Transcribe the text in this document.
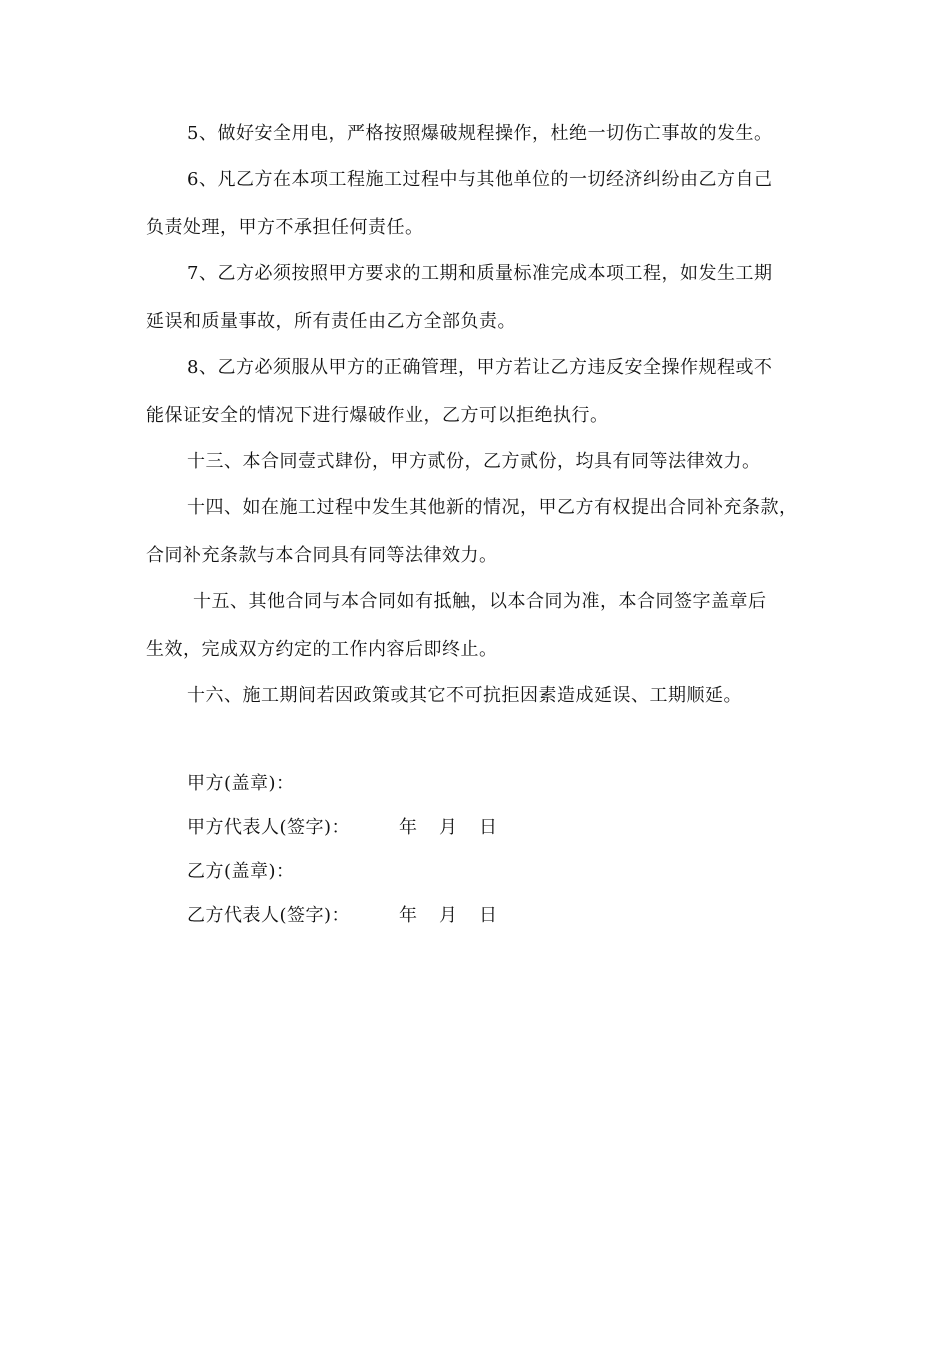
5、做好安全用电，严格按照爆破规程操作，杜绝一切伤亡事故的发生。
6、凡乙方在本项工程施工过程中与其他单位的一切经济纠纷由乙方自己
负责处理，甲方不承担任何责任。
7、乙方必须按照甲方要求的工期和质量标准完成本项工程，如发生工期
延误和质量事故，所有责任由乙方全部负责。
8、乙方必须服从甲方的正确管理，甲方若让乙方违反安全操作规程或不
能保证安全的情况下进行爆破作业，乙方可以拒绝执行。
十三、本合同壹式肆份，甲方贰份，乙方贰份，均具有同等法律效力。
十四、如在施工过程中发生其他新的情况，甲乙方有权提出合同补充条款，
合同补充条款与本合同具有同等法律效力。
十五、其他合同与本合同如有抵触，以本合同为准，本合同签字盖章后
生效，完成双方约定的工作内容后即终止。
十六、施工期间若因政策或其它不可抗拒因素造成延误、工期顺延。
甲方(盖章)：
甲方代表人(签字)：	年 月 日
乙方(盖章)：
乙方代表人(签字)：	年 月 日
